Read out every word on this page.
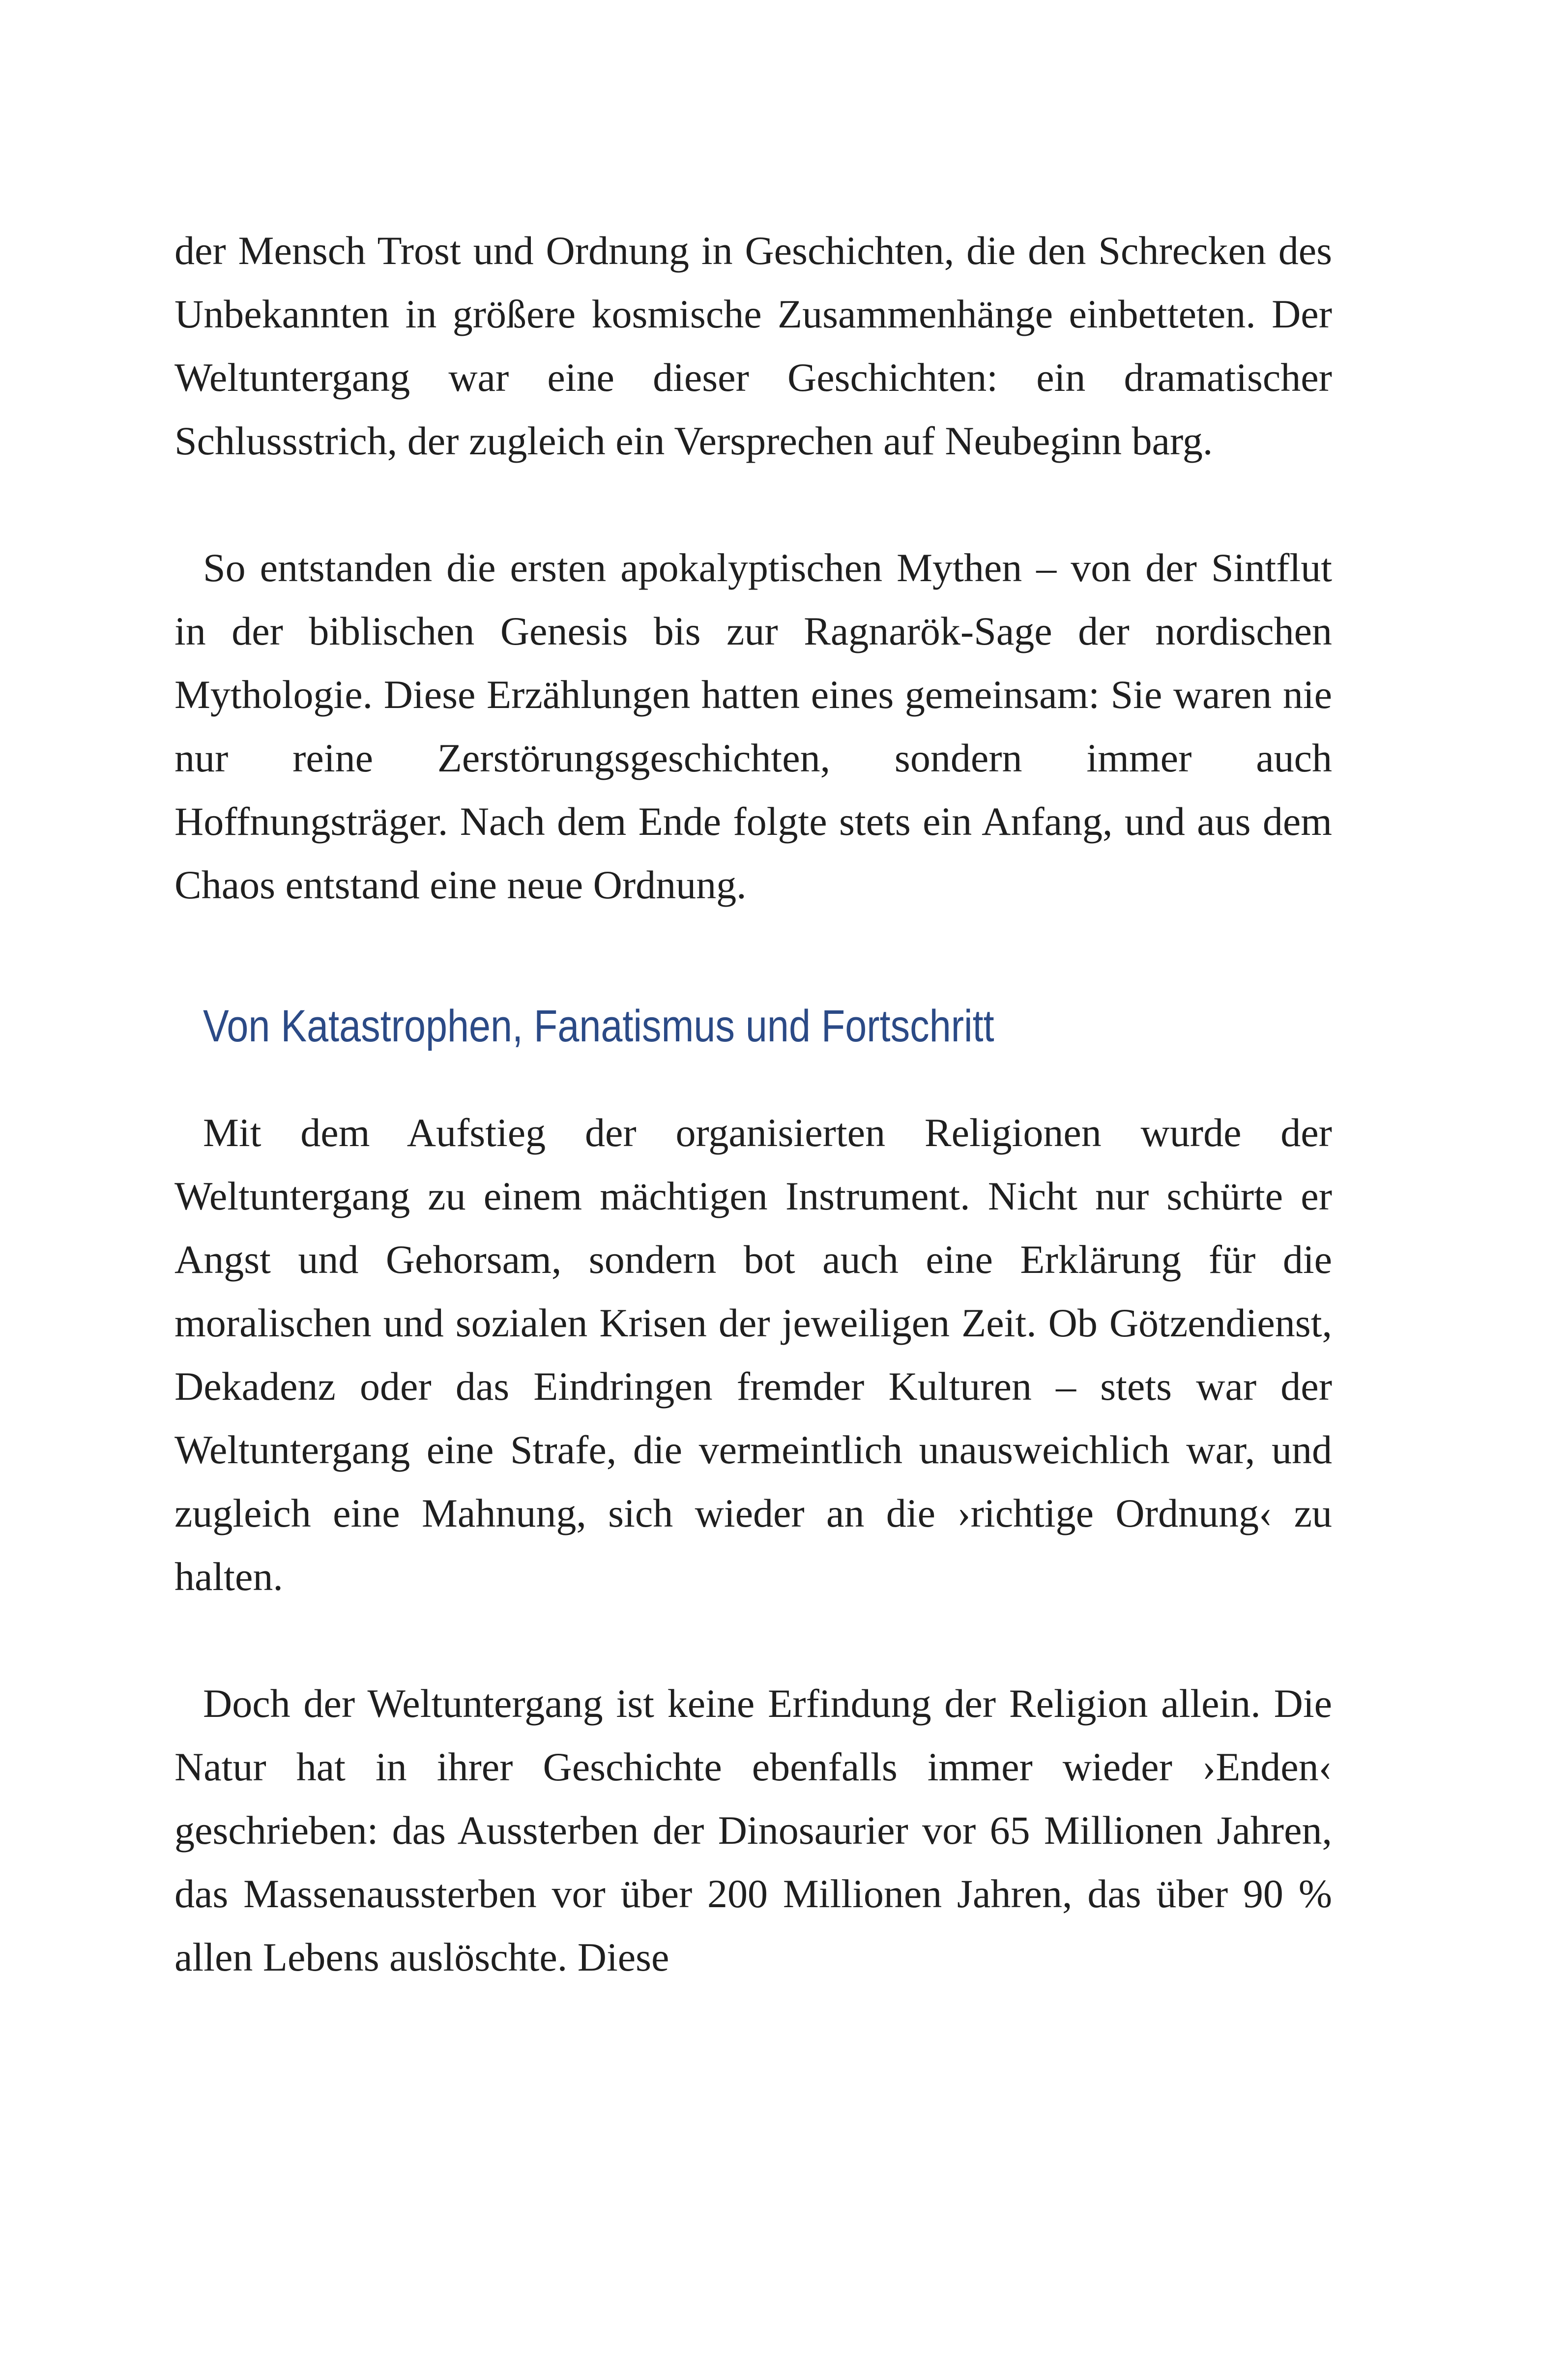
der Mensch Trost und Ordnung in Geschichten, die den Schrecken des Unbekannten in größere kosmische Zusammenhänge einbetteten. Der Weltuntergang war eine dieser Geschichten: ein dramatischer Schlussstrich, der zugleich ein Versprechen auf Neubeginn barg.

So entstanden die ersten apokalyptischen Mythen – von der Sintflut in der biblischen Genesis bis zur Ragnarök-Sage der nordischen Mythologie. Diese Erzählungen hatten eines gemeinsam: Sie waren nie nur reine Zerstörungsgeschichten, sondern immer auch Hoffnungsträger. Nach dem Ende folgte stets ein Anfang, und aus dem Chaos entstand eine neue Ordnung.

Von Katastrophen, Fanatismus und Fortschritt

Mit dem Aufstieg der organisierten Religionen wurde der Weltuntergang zu einem mächtigen Instrument. Nicht nur schürte er Angst und Gehorsam, sondern bot auch eine Erklärung für die moralischen und sozialen Krisen der jeweiligen Zeit. Ob Götzendienst, Dekadenz oder das Eindringen fremder Kulturen – stets war der Weltuntergang eine Strafe, die vermeintlich unausweichlich war, und zugleich eine Mahnung, sich wieder an die ›richtige Ordnung‹ zu halten.

Doch der Weltuntergang ist keine Erfindung der Religion allein. Die Natur hat in ihrer Geschichte ebenfalls immer wieder ›Enden‹ geschrieben: das Aussterben der Dinosaurier vor 65 Millionen Jahren, das Massenaussterben vor über 200 Millionen Jahren, das über 90 % allen Lebens auslöschte. Diese
